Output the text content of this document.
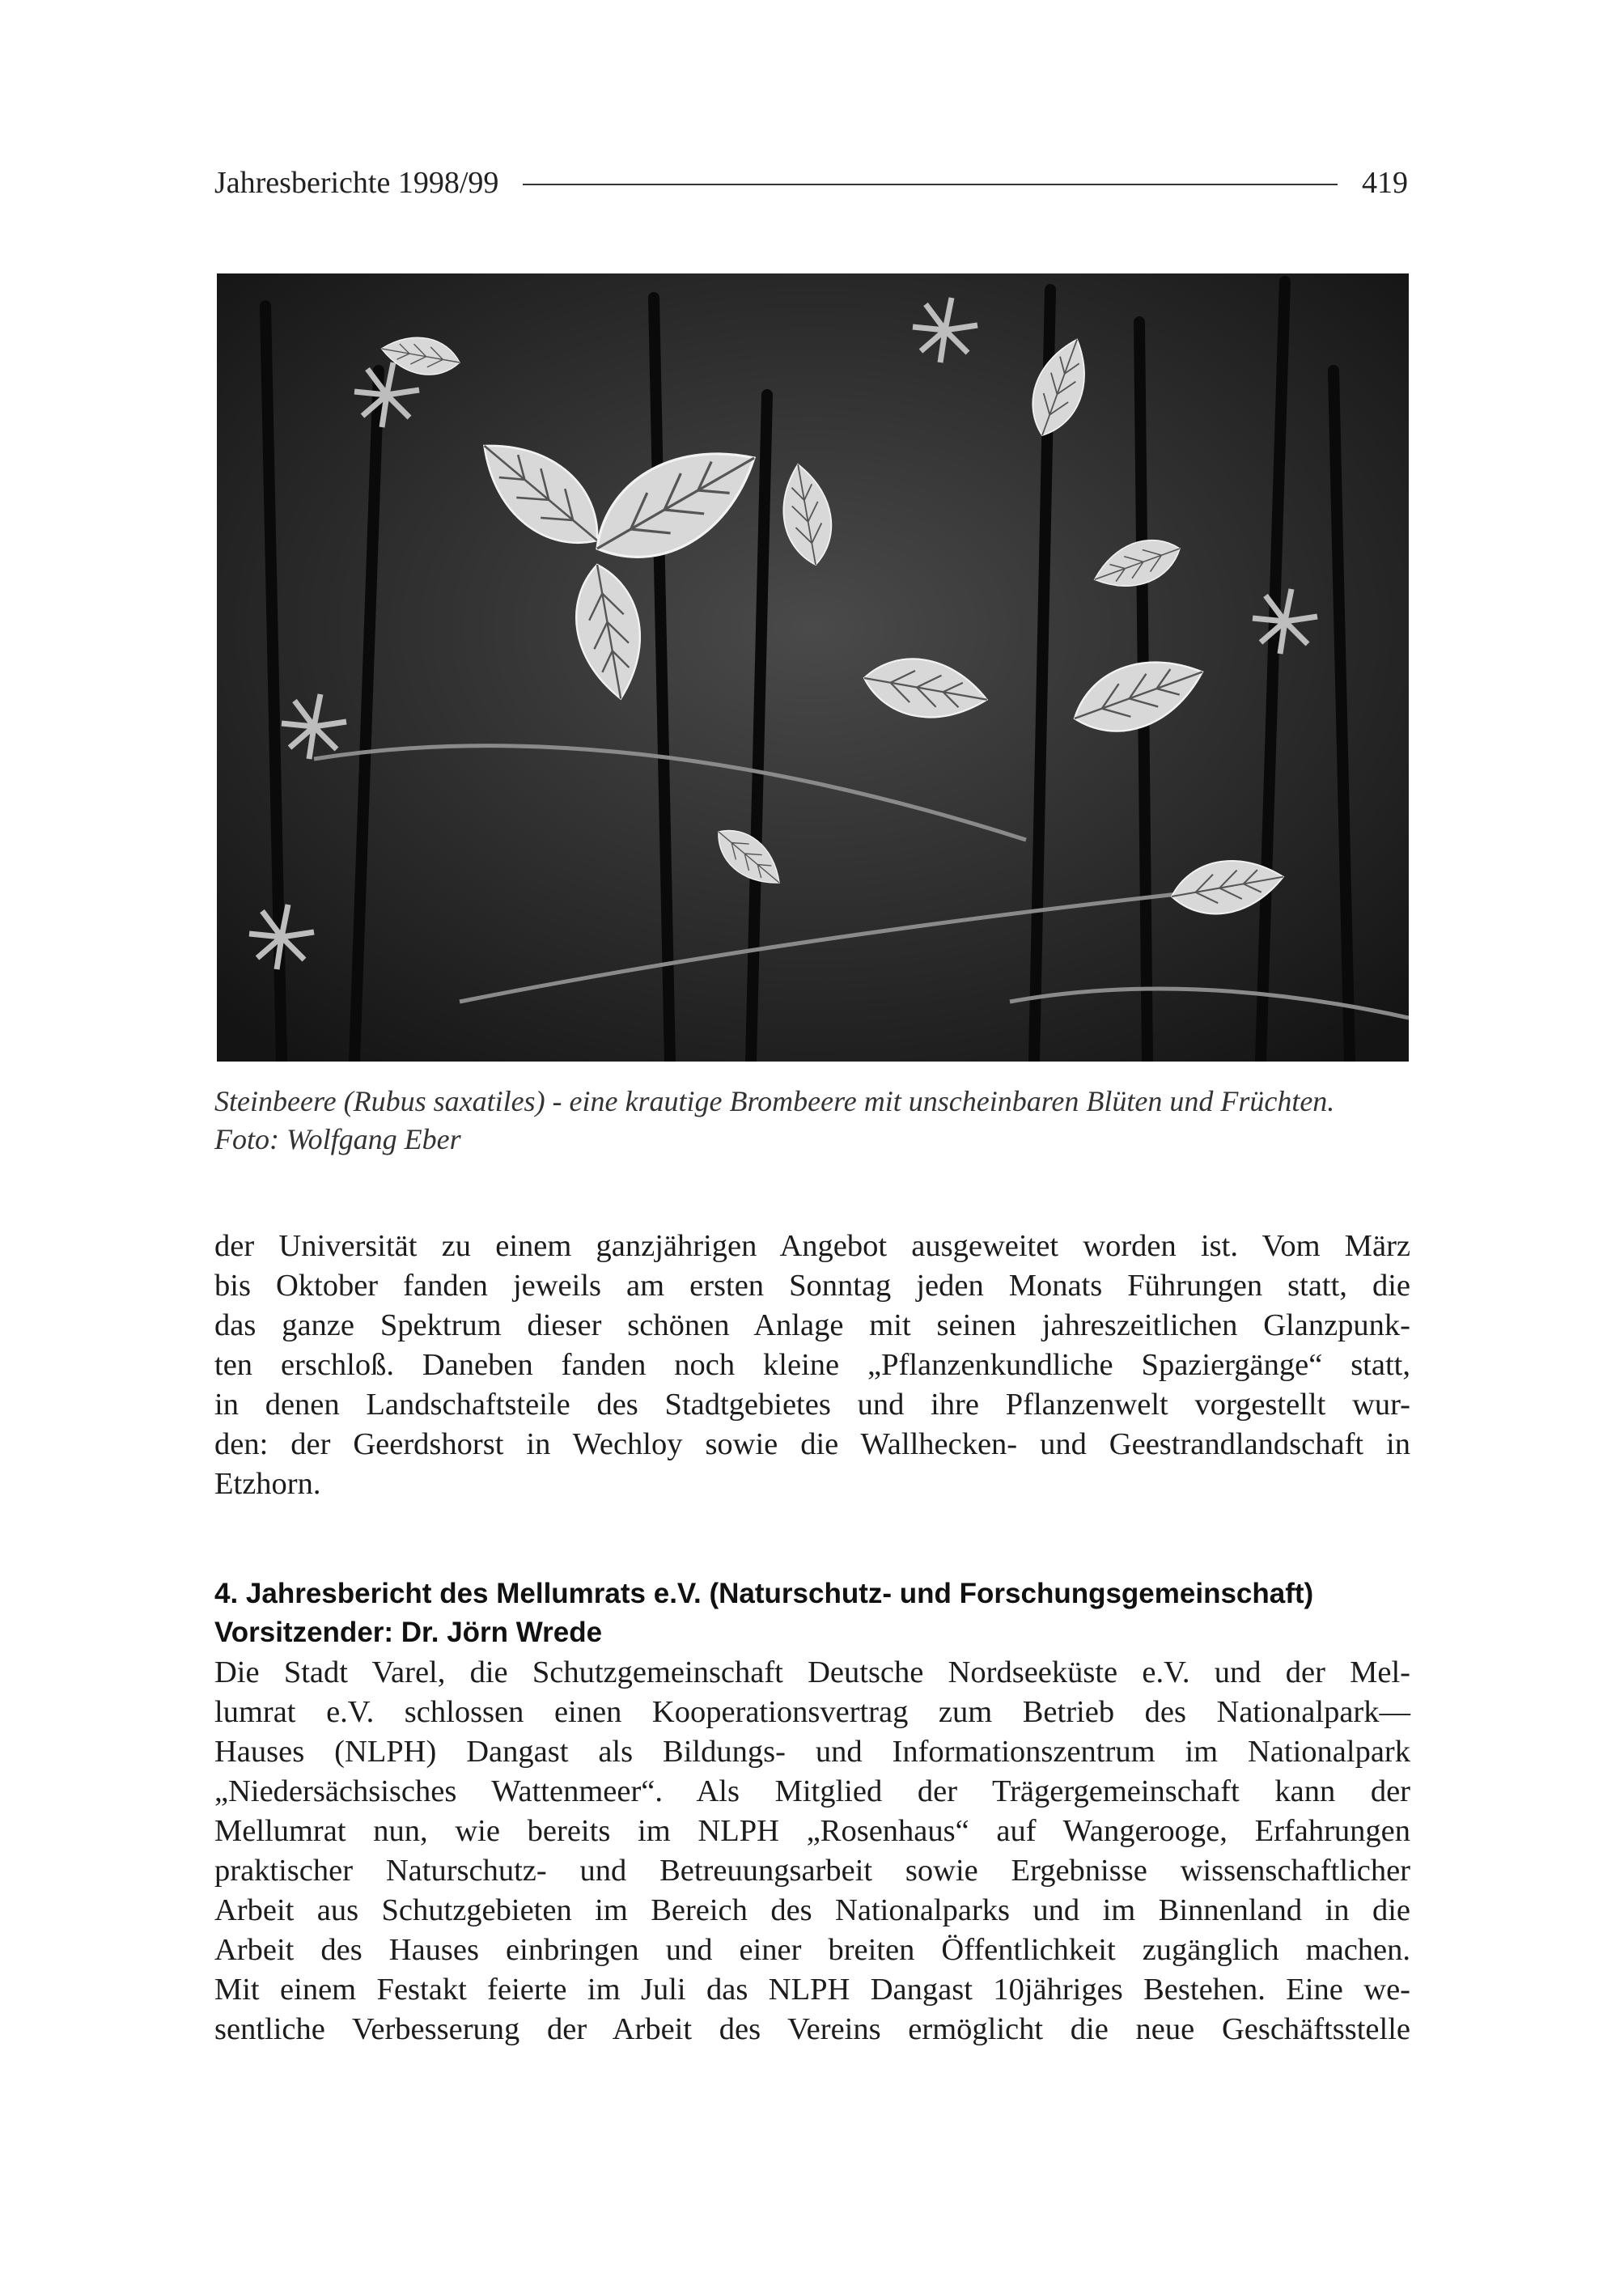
Jahresberichte 1998/99	419
Steinbeere (Rubus saxatiles) - eine krautige Brombeere mit unscheinbaren Blüten und Früchten.
Foto: Wolfgang Eber
der Universität zu einem ganzjährigen Angebot ausgeweitet worden ist. Vom März
bis Oktober fanden jeweils am ersten Sonntag jeden Monats Führungen statt, die
das ganze Spektrum dieser schönen Anlage mit seinen jahreszeitlichen Glanzpunk-
ten erschloß. Daneben fanden noch kleine „Pflanzenkundliche Spaziergänge“ statt,
in denen Landschaftsteile des Stadtgebietes und ihre Pflanzenwelt vorgestellt wur-
den: der Geerdshorst in Wechloy sowie die Wallhecken- und Geestrandlandschaft in
Etzhorn.
4. Jahresbericht des Mellumrats e.V. (Naturschutz- und Forschungsgemeinschaft)
Vorsitzender: Dr. Jörn Wrede
Die Stadt Varel, die Schutzgemeinschaft Deutsche Nordseeküste e.V. und der Mel-
lumrat e.V. schlossen einen Kooperationsvertrag zum Betrieb des Nationalpark—
Hauses (NLPH) Dangast als Bildungs- und Informationszentrum im Nationalpark
„Niedersächsisches Wattenmeer“. Als Mitglied der Trägergemeinschaft kann der
Mellumrat nun, wie bereits im NLPH „Rosenhaus“ auf Wangerooge, Erfahrungen
praktischer Naturschutz- und Betreuungsarbeit sowie Ergebnisse wissenschaftlicher
Arbeit aus Schutzgebieten im Bereich des Nationalparks und im Binnenland in die
Arbeit des Hauses einbringen und einer breiten Öffentlichkeit zugänglich machen.
Mit einem Festakt feierte im Juli das NLPH Dangast 10jähriges Bestehen. Eine we-
sentliche Verbesserung der Arbeit des Vereins ermöglicht die neue Geschäftsstelle
